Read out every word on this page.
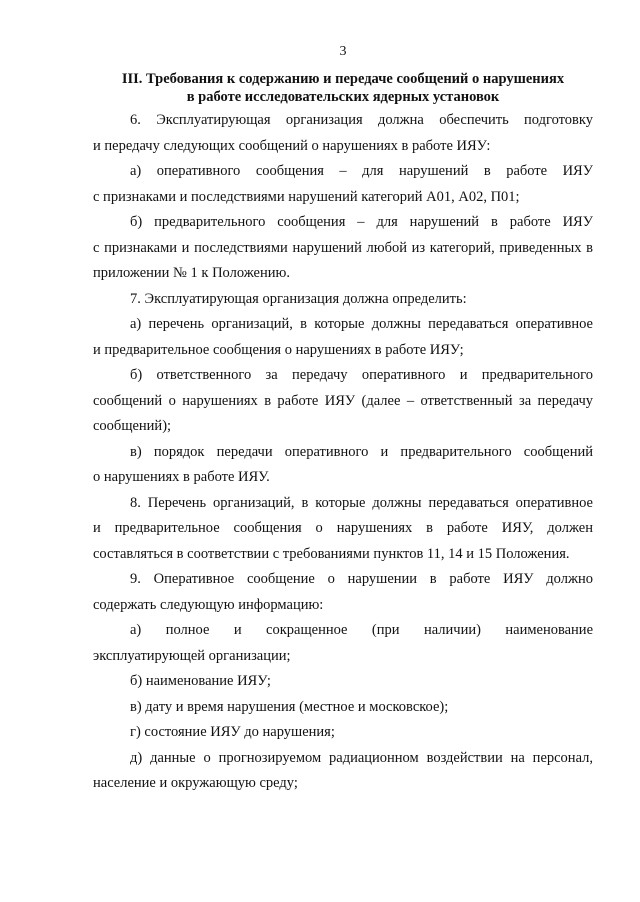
3
III. Требования к содержанию и передаче сообщений о нарушениях
в работе исследовательских ядерных установок
6. Эксплуатирующая организация должна обеспечить подготовку
и передачу следующих сообщений о нарушениях в работе ИЯУ:
а) оперативного сообщения – для нарушений в работе ИЯУ
с признаками и последствиями нарушений категорий А01, А02, П01;
б) предварительного сообщения – для нарушений в работе ИЯУ
с признаками и последствиями нарушений любой из категорий, приведенных в приложении № 1 к Положению.
7. Эксплуатирующая организация должна определить:
а) перечень организаций, в которые должны передаваться оперативное
и предварительное сообщения о нарушениях в работе ИЯУ;
б) ответственного за передачу оперативного и предварительного
сообщений о нарушениях в работе ИЯУ (далее – ответственный за передачу сообщений);
в) порядок передачи оперативного и предварительного сообщений
о нарушениях в работе ИЯУ.
8. Перечень организаций, в которые должны передаваться оперативное
и предварительное сообщения о нарушениях в работе ИЯУ, должен составляться в соответствии с требованиями пунктов 11, 14 и 15 Положения.
9. Оперативное сообщение о нарушении в работе ИЯУ должно
содержать следующую информацию:
а) полное и сокращенное (при наличии) наименование
эксплуатирующей организации;
б) наименование ИЯУ;
в) дату и время нарушения (местное и московское);
г) состояние ИЯУ до нарушения;
д) данные о прогнозируемом радиационном воздействии на персонал,
население и окружающую среду;
